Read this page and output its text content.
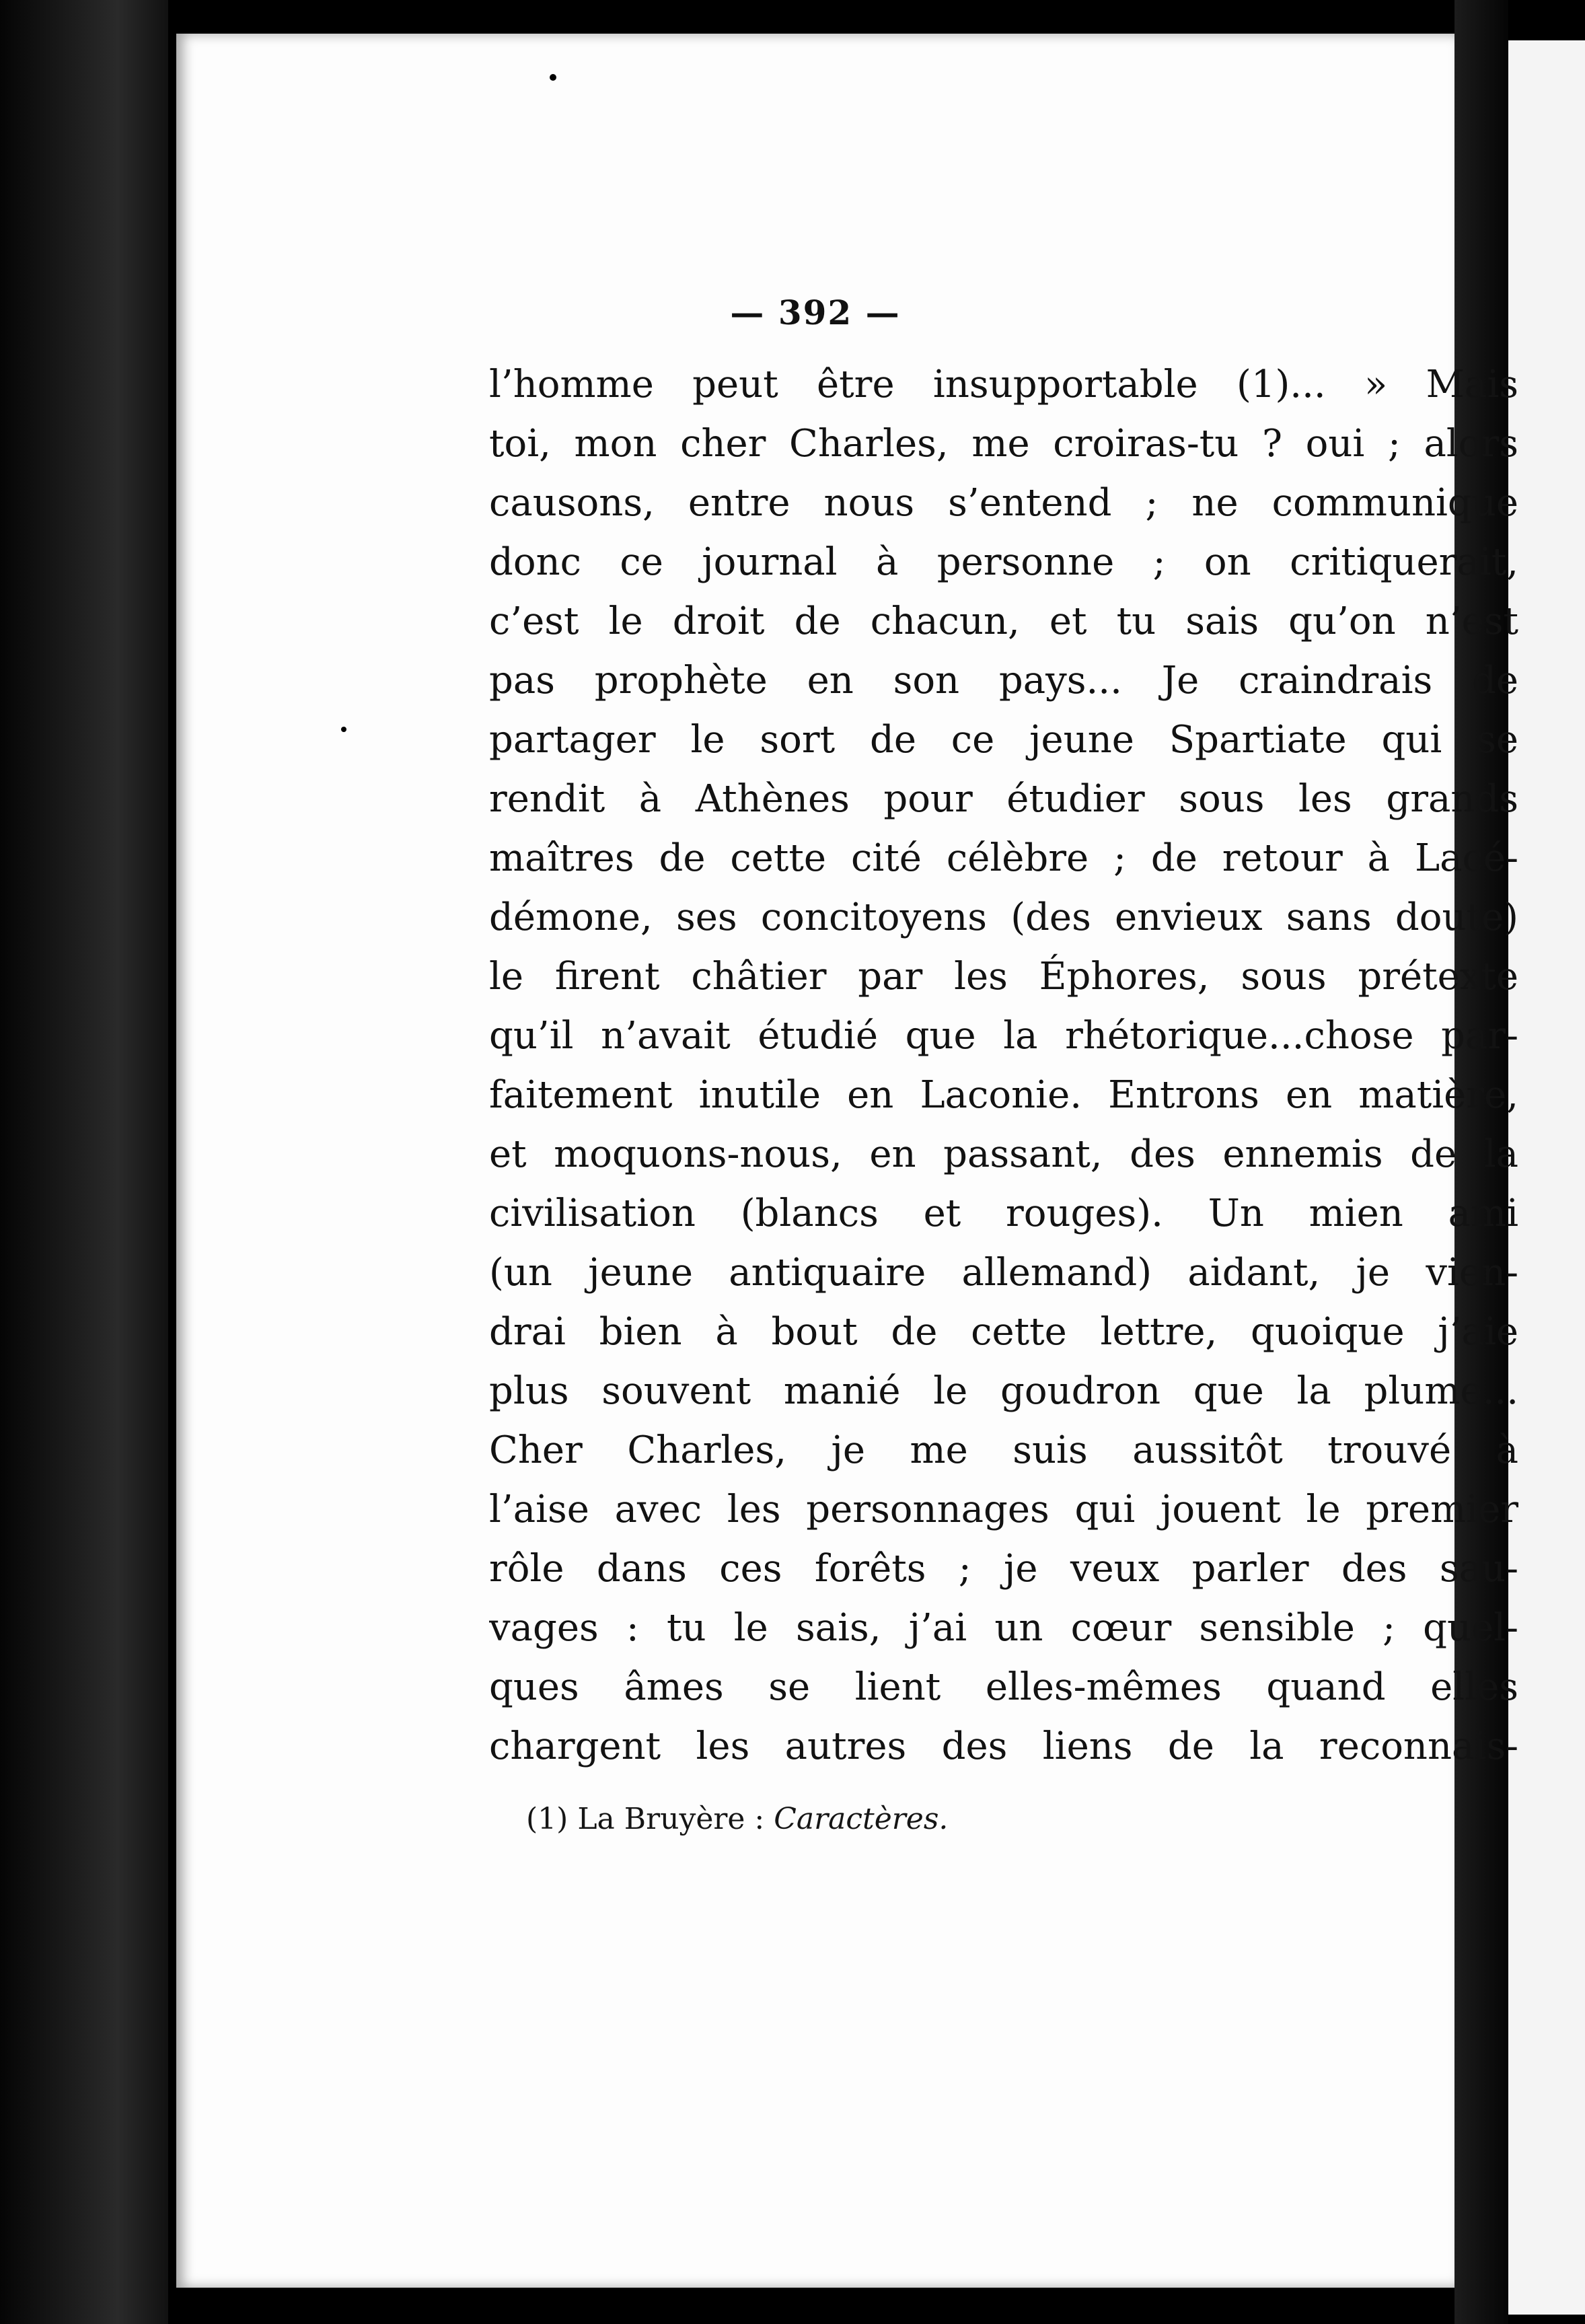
— 392 —
l’homme peut être insupportable (1)... » Mais
toi, mon cher Charles, me croiras-tu ? oui ; alors
causons, entre nous s’entend ; ne communique
donc ce journal à personne ; on critiquerait,
c’est le droit de chacun, et tu sais qu’on n’est
pas prophète en son pays... Je craindrais de
partager le sort de ce jeune Spartiate qui se
rendit à Athènes pour étudier sous les grands
maîtres de cette cité célèbre ; de retour à Lacé-
démone, ses concitoyens (des envieux sans doute)
le firent châtier par les Éphores, sous prétexte
qu’il n’avait étudié que la rhétorique...chose par-
faitement inutile en Laconie. Entrons en matière,
et moquons-nous, en passant, des ennemis de la
civilisation (blancs et rouges). Un mien ami
(un jeune antiquaire allemand) aidant, je vien-
drai bien à bout de cette lettre, quoique j’aie
plus souvent manié le goudron que la plume...
Cher Charles, je me suis aussitôt trouvé à
l’aise avec les personnages qui jouent le premier
rôle dans ces forêts ; je veux parler des sau-
vages : tu le sais, j’ai un cœur sensible ; quel-
ques âmes se lient elles-mêmes quand elles
chargent les autres des liens de la reconnais-
(1) La Bruyère : Caractères.
